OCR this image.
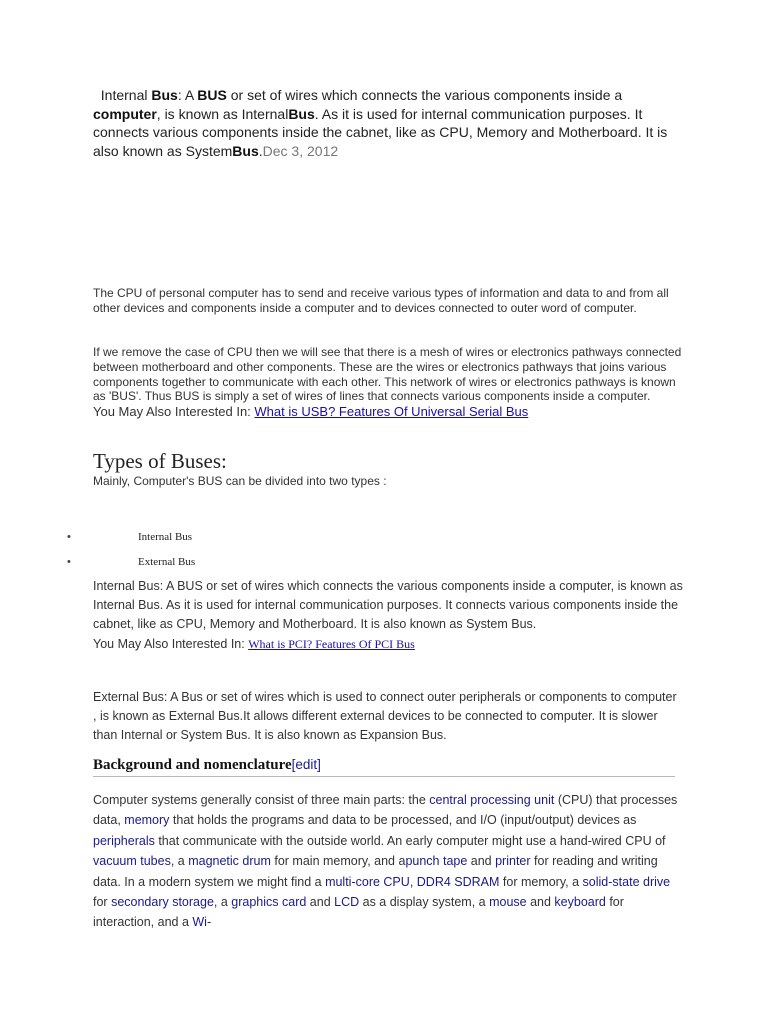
Internal Bus: A BUS or set of wires which connects the various components inside a computer, is known as InternalBus. As it is used for internal communication purposes. It connects various components inside the cabnet, like as CPU, Memory and Motherboard. It is also known as SystemBus.Dec 3, 2012
The CPU of personal computer has to send and receive various types of information and data to and from all other devices and components inside a computer and to devices connected to outer word of computer.
If we remove the case of CPU then we will see that there is a mesh of wires or electronics pathways connected between motherboard and other components. These are the wires or electronics pathways that joins various components together to communicate with each other. This network of wires or electronics pathways is known as 'BUS'. Thus BUS is simply a set of wires of lines that connects various components inside a computer.
You May Also Interested In: What is USB? Features Of Universal Serial Bus
Types of Buses:
Mainly, Computer's BUS can be divided into two types :
•	Internal Bus
•	External Bus
Internal Bus: A BUS or set of wires which connects the various components inside a computer, is known as Internal Bus. As it is used for internal communication purposes. It connects various components inside the cabnet, like as CPU, Memory and Motherboard. It is also known as System Bus.
You May Also Interested In: What is PCI? Features Of PCI Bus
External Bus: A Bus or set of wires which is used to connect outer peripherals or components to computer , is known as External Bus.It allows different external devices to be connected to computer. It is slower than Internal or System Bus. It is also known as Expansion Bus.
Background and nomenclature[edit]
Computer systems generally consist of three main parts: the central processing unit (CPU) that processes data, memory that holds the programs and data to be processed, and I/O (input/output) devices as peripherals that communicate with the outside world. An early computer might use a hand-wired CPU of vacuum tubes, a magnetic drum for main memory, and apunch tape and printer for reading and writing data. In a modern system we might find a multi-core CPU, DDR4 SDRAM for memory, a solid-state drive for secondary storage, a graphics card and LCD as a display system, a mouse and keyboard for interaction, and a Wi-
